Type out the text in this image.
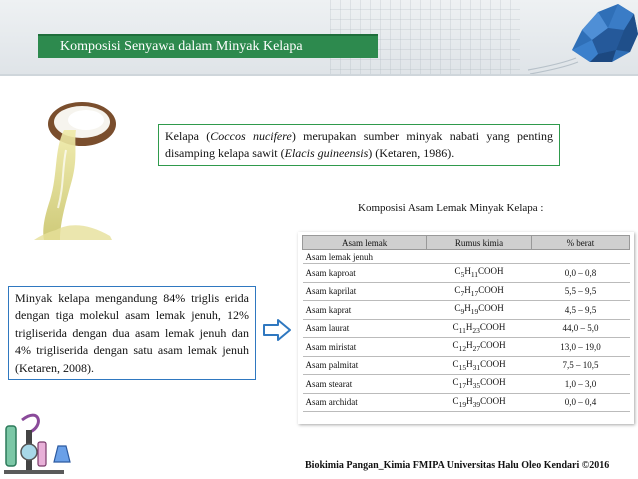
Komposisi Senyawa dalam Minyak Kelapa
Kelapa (Coccos nucifere) merupakan sumber minyak nabati yang penting disamping kelapa sawit (Elacis guineensis) (Ketaren, 1986).
Komposisi Asam Lemak Minyak Kelapa :
Asam lemak	Rumus kimia	% berat
Asam lemak jenuh		
Asam kaproat	$C_5H_{11}COOH$	0,0 – 0,8
Asam kaprilat	$C_7H_{17}COOH$	5,5 – 9,5
Asam kaprat	$C_9H_{19}COOH$	4,5 – 9,5
Asam laurat	$C_{11}H_{23}COOH$	44,0 – 5,0
Asam miristat	$C_{12}H_{27}COOH$	13,0 – 19,0
Asam palmitat	$C_{15}H_{31}COOH$	7,5 – 10,5
Asam stearat	$C_{17}H_{35}COOH$	1,0 – 3,0
Asam archidat	$C_{19}H_{39}COOH$	0,0 – 0,4
Minyak kelapa mengandung 84% triglis erida dengan tiga molekul asam lemak jenuh, 12% trigliserida dengan dua asam lemak jenuh dan 4% trigliserida dengan satu asam lemak jenuh (Ketaren, 2008).
Biokimia Pangan_Kimia FMIPA Universitas Halu Oleo Kendari ©2016
